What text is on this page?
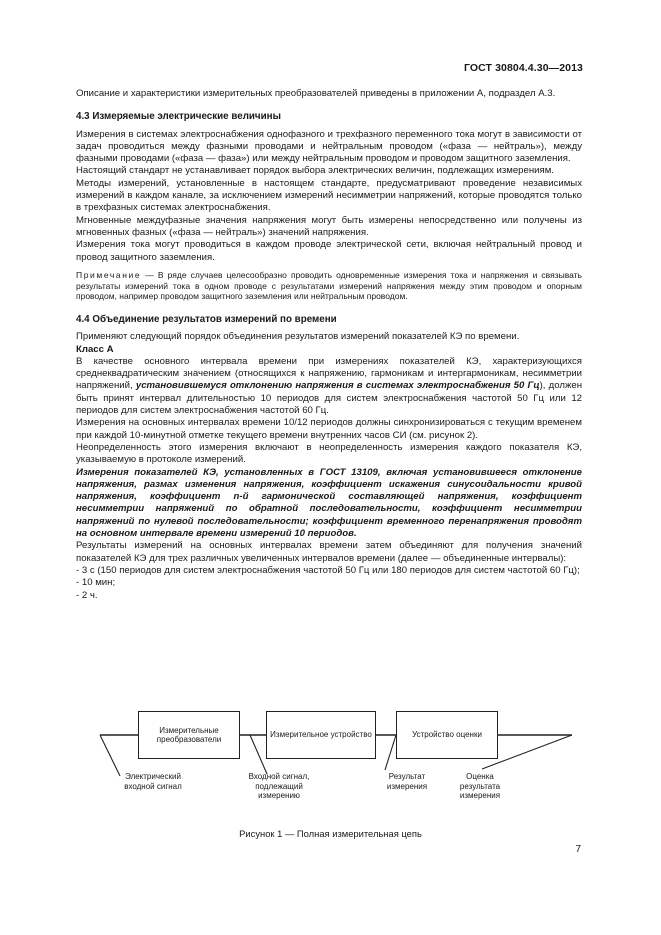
ГОСТ 30804.4.30—2013

Описание и характеристики измерительных преобразователей приведены в приложении А, подраздел А.3.

4.3 Измеряемые электрические величины

Измерения в системах электроснабжения однофазного и трехфазного переменного тока могут в зависимости от задач проводиться между фазными проводами и нейтральным проводом («фаза — нейтраль»), между фазными проводами («фаза — фаза») или между нейтральным проводом и проводом защитного заземления.

Настоящий стандарт не устанавливает порядок выбора электрических величин, подлежащих измерениям.

Методы измерений, установленные в настоящем стандарте, предусматривают проведение независимых измерений в каждом канале, за исключением измерений несимметрии напряжений, которые проводятся только в трехфазных системах электроснабжения.

Мгновенные междуфазные значения напряжения могут быть измерены непосредственно или получены из мгновенных фазных («фаза — нейтраль») значений напряжения.

Измерения тока могут проводиться в каждом проводе электрической сети, включая нейтральный провод и провод защитного заземления.

Примечание — В ряде случаев целесообразно проводить одновременные измерения тока и напряжения и связывать результаты измерений тока в одном проводе с результатами измерений напряжения между этим проводом и опорным проводом, например проводом защитного заземления или нейтральным проводом.

4.4 Объединение результатов измерений по времени

Применяют следующий порядок объединения результатов измерений показателей КЭ по времени.

Класс А

В качестве основного интервала времени при измерениях показателей КЭ, характеризующихся среднеквадратическим значением (относящихся к напряжению, гармоникам и интергармоникам, несимметрии напряжений, установившемуся отклонению напряжения в системах электроснабжения 50 Гц), должен быть принят интервал длительностью 10 периодов для систем электроснабжения частотой 50 Гц или 12 периодов для систем электроснабжения частотой 60 Гц.

Измерения на основных интервалах времени 10/12 периодов должны синхронизироваться с текущим временем при каждой 10-минутной отметке текущего времени внутренних часов СИ (см. рисунок 2).

Неопределенность этого измерения включают в неопределенность измерения каждого показателя КЭ, указываемую в протоколе измерений.

Измерения показателей КЭ, установленных в ГОСТ 13109, включая установившееся отклонение напряжения, размах изменения напряжения, коэффициент искажения синусоидальности кривой напряжения, коэффициент n-й гармонической составляющей напряжения, коэффициент несимметрии напряжений по обратной последовательности, коэффициент несимметрии напряжений по нулевой последовательности; коэффициент временного перенапряжения проводят на основном интервале времени измерений 10 периодов.

Результаты измерений на основных интервалах времени затем объединяют для получения значений показателей КЭ для трех различных увеличенных интервалов времени (далее — объединенные интервалы):

- 3 с (150 периодов для систем электроснабжения частотой 50 Гц или 180 периодов для систем частотой 60 Гц);

- 10 мин;

- 2 ч.

Измерительные преобразователи
Измерительное устройство	Устройство оценки
Электрический входной сигнал
Входной сигнал, подлежащий измерению
Результат измерения
Оценка результата измерения
Рисунок 1 — Полная измерительная цепь
7
